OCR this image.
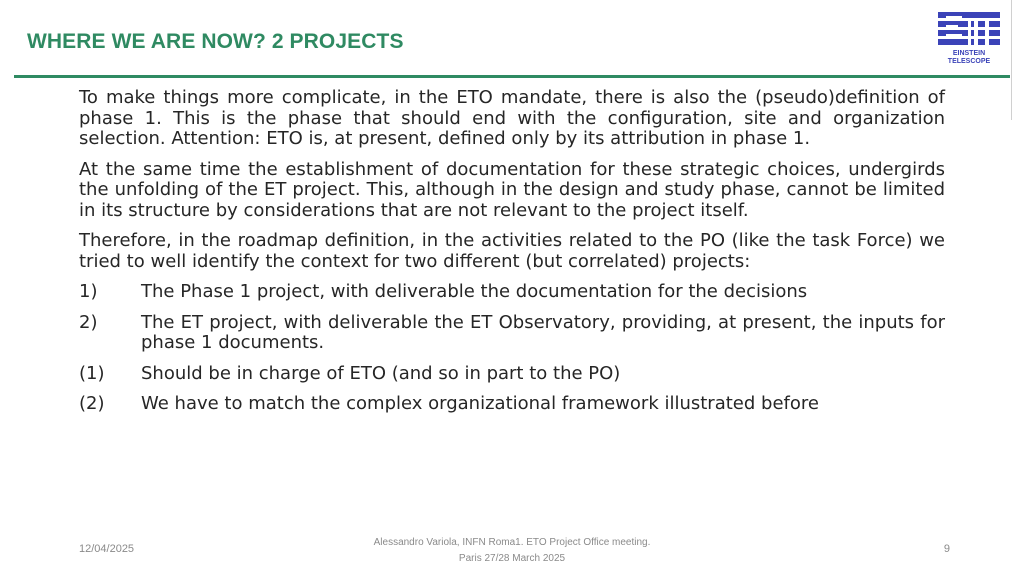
WHERE WE ARE NOW? 2 PROJECTS
EINSTEIN
TELESCOPE

To make things more complicate, in the ETO mandate, there is also the (pseudo)definition of phase 1. This is the phase that should end with the configuration, site and organization selection. Attention: ETO is, at present, defined only by its attribution in phase 1.

At the same time the establishment of documentation for these strategic choices, undergirds the unfolding of the ET project. This, although in the design and study phase, cannot be limited in its structure by considerations that are not relevant to the project itself.

Therefore, in the roadmap definition, in the activities related to the PO (like the task Force) we tried to well identify the context for two different (but correlated) projects:

1) The Phase 1 project, with deliverable the documentation for the decisions
2) The ET project, with deliverable the ET Observatory, providing, at present, the inputs for phase 1 documents.
(1) Should be in charge of ETO (and so in part to the PO)
(2) We have to match the complex organizational framework illustrated before
12/04/2025
Alessandro Variola, INFN Roma1. ETO Project Office meeting.
Paris 27/28 March 2025
9
